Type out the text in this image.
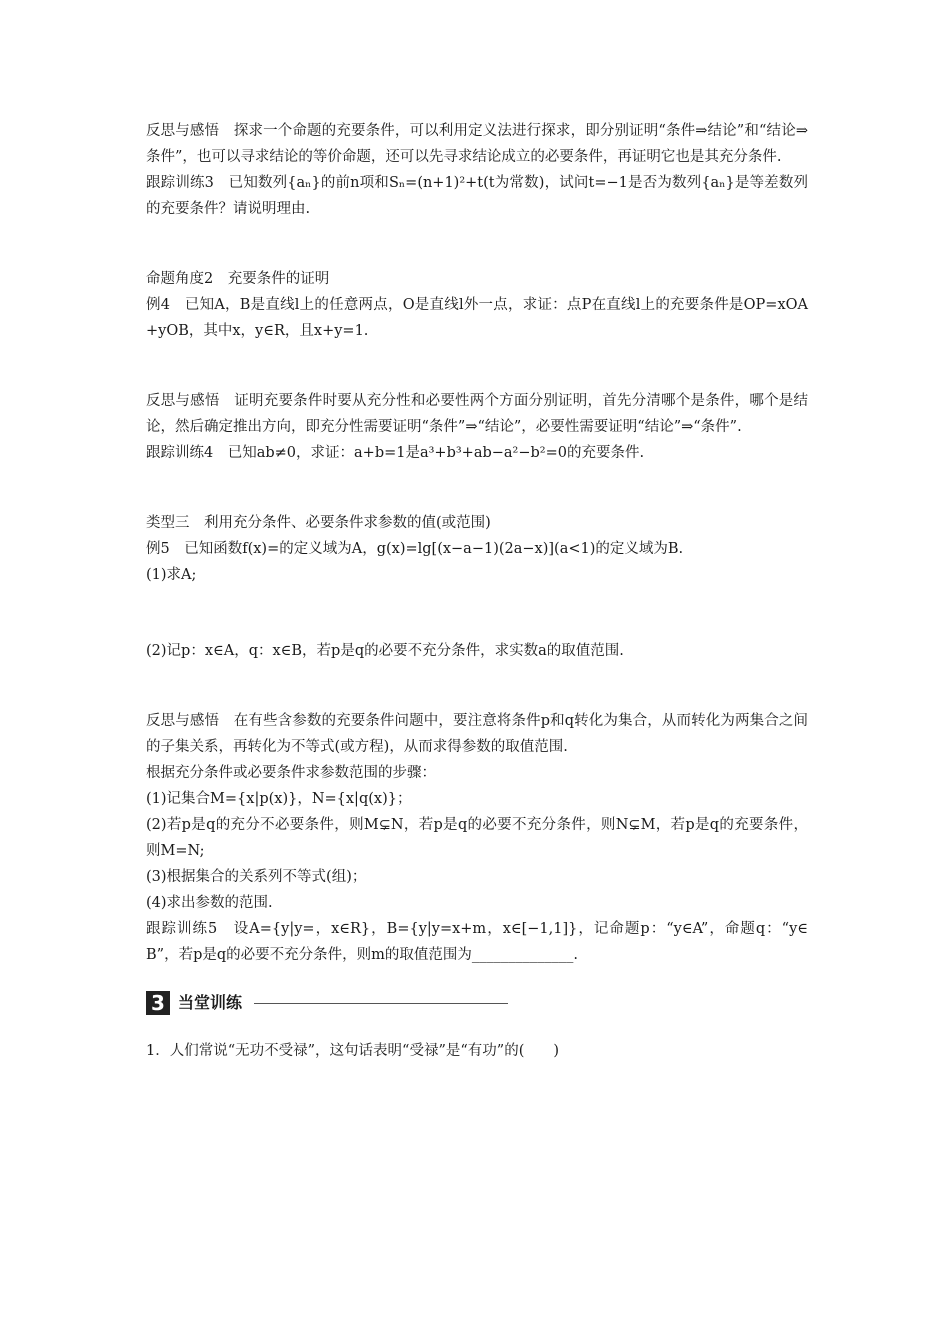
反思与感悟　探求一个命题的充要条件，可以利用定义法进行探求，即分别证明“条件⇒结论”和“结论⇒条件”，也可以寻求结论的等价命题，还可以先寻求结论成立的必要条件，再证明它也是其充分条件.

跟踪训练3　已知数列{aₙ}的前n项和Sₙ=(n+1)²+t(t为常数)，试问t=−1是否为数列{aₙ}是等差数列的充要条件？请说明理由.

命题角度2　充要条件的证明

例4　已知A，B是直线l上的任意两点，O是直线l外一点，求证：点P在直线l上的充要条件是OP=xOA+yOB，其中x，y∈R，且x+y=1.

反思与感悟　证明充要条件时要从充分性和必要性两个方面分别证明，首先分清哪个是条件，哪个是结论，然后确定推出方向，即充分性需要证明“条件”⇒“结论”，必要性需要证明“结论”⇒“条件”.

跟踪训练4　已知ab≠0，求证：a+b=1是a³+b³+ab−a²−b²=0的充要条件.

类型三　利用充分条件、必要条件求参数的值(或范围)

例5　已知函数f(x)=的定义域为A，g(x)=lg[(x−a−1)(2a−x)](a<1)的定义域为B.

(1)求A;

(2)记p：x∈A，q：x∈B，若p是q的必要不充分条件，求实数a的取值范围.

反思与感悟　在有些含参数的充要条件问题中，要注意将条件p和q转化为集合，从而转化为两集合之间的子集关系，再转化为不等式(或方程)，从而求得参数的取值范围.

根据充分条件或必要条件求参数范围的步骤：

(1)记集合M={x|p(x)}，N={x|q(x)}；

(2)若p是q的充分不必要条件，则M⊊N，若p是q的必要不充分条件，则N⊊M，若p是q的充要条件，则M=N;

(3)根据集合的关系列不等式(组)；

(4)求出参数的范围.

跟踪训练5　设A={y|y=，x∈R}，B={y|y=x+m，x∈[−1,1]}，记命题p：“y∈A”，命题q：“y∈B”，若p是q的必要不充分条件，则m的取值范围为______________.

3 当堂训练

1．人们常说“无功不受禄”，这句话表明“受禄”是“有功”的(　　)
